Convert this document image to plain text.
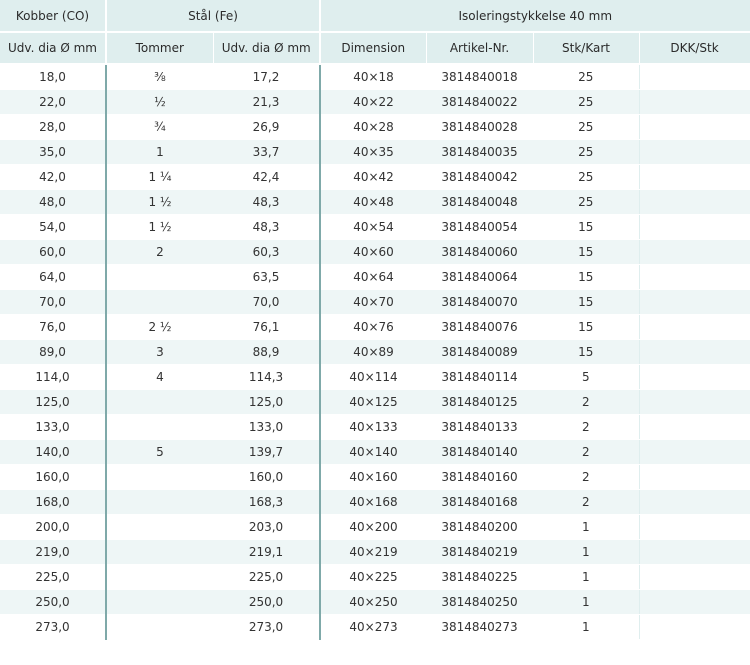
Kobber (CO)	Stål (Fe)		Isoleringstykkelse 40 mm			
Udv. dia Ø mm	Tommer	Udv. dia Ø mm	Dimension	Artikel-Nr.	Stk/Kart	DKK/Stk
18,0	⅜	17,2	40×18	3814840018	25	
22,0	½	21,3	40×22	3814840022	25	
28,0	¾	26,9	40×28	3814840028	25	
35,0	1	33,7	40×35	3814840035	25	
42,0	1 ¼	42,4	40×42	3814840042	25	
48,0	1 ½	48,3	40×48	3814840048	25	
54,0	1 ½	48,3	40×54	3814840054	15	
60,0	2	60,3	40×60	3814840060	15	
64,0		63,5	40×64	3814840064	15	
70,0		70,0	40×70	3814840070	15	
76,0	2 ½	76,1	40×76	3814840076	15	
89,0	3	88,9	40×89	3814840089	15	
114,0	4	114,3	40×114	3814840114	5	
125,0		125,0	40×125	3814840125	2	
133,0		133,0	40×133	3814840133	2	
140,0	5	139,7	40×140	3814840140	2	
160,0		160,0	40×160	3814840160	2	
168,0		168,3	40×168	3814840168	2	
200,0		203,0	40×200	3814840200	1	
219,0		219,1	40×219	3814840219	1	
225,0		225,0	40×225	3814840225	1	
250,0		250,0	40×250	3814840250	1	
273,0		273,0	40×273	3814840273	1	
